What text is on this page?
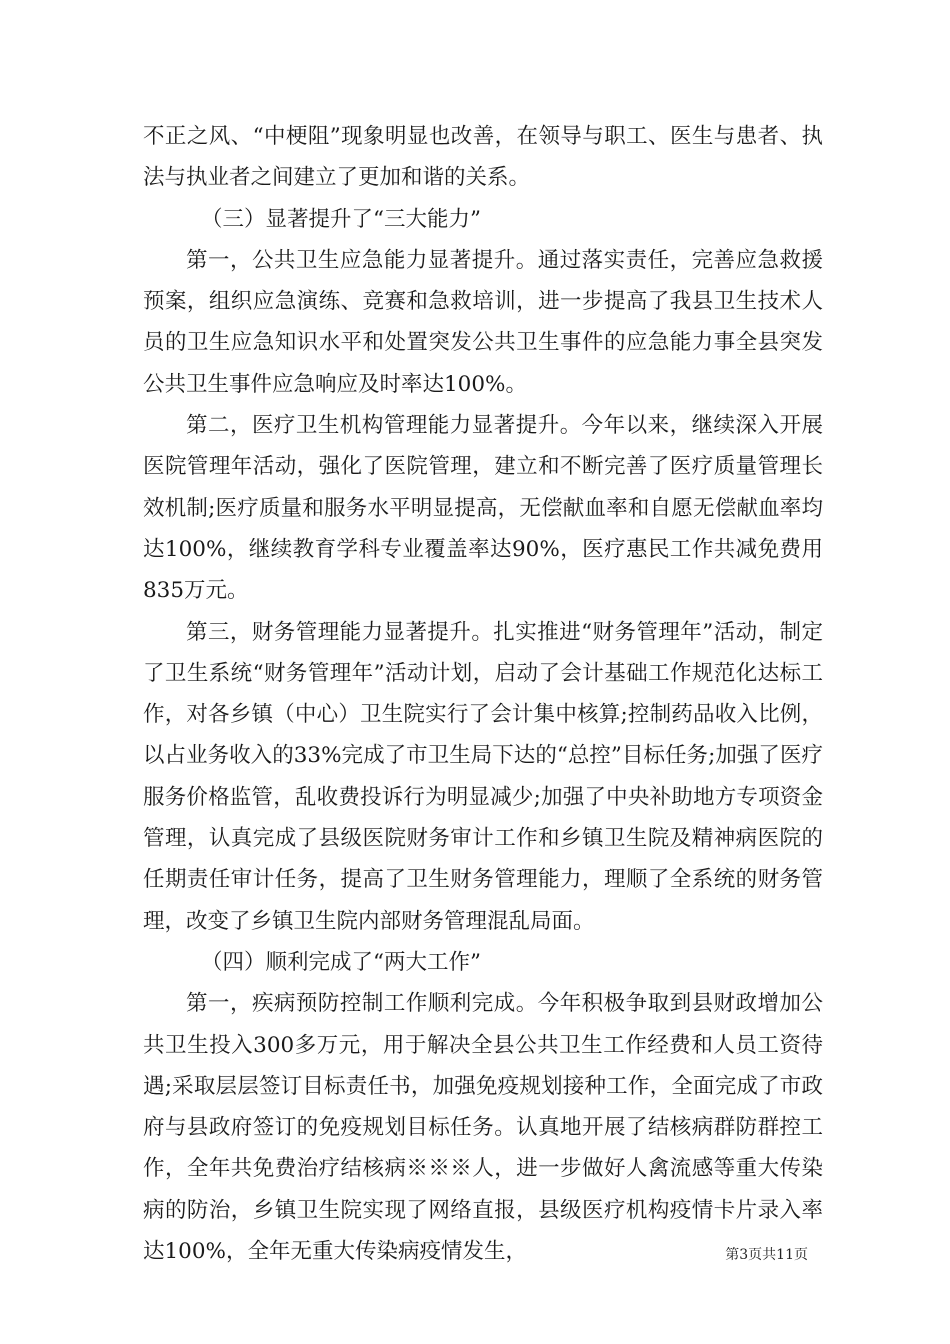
不正之风、“中梗阻”现象明显也改善，在领导与职工、医生与患者、执法与执业者之间建立了更加和谐的关系。

（三）显著提升了“三大能力”

第一，公共卫生应急能力显著提升。通过落实责任，完善应急救援预案，组织应急演练、竞赛和急救培训，进一步提高了我县卫生技术人员的卫生应急知识水平和处置突发公共卫生事件的应急能力事全县突发公共卫生事件应急响应及时率达100%。

第二，医疗卫生机构管理能力显著提升。今年以来，继续深入开展医院管理年活动，强化了医院管理，建立和不断完善了医疗质量管理长效机制;医疗质量和服务水平明显提高，无偿献血率和自愿无偿献血率均达100%，继续教育学科专业覆盖率达90%，医疗惠民工作共减免费用835万元。

第三，财务管理能力显著提升。扎实推进“财务管理年”活动，制定了卫生系统“财务管理年”活动计划，启动了会计基础工作规范化达标工作，对各乡镇（中心）卫生院实行了会计集中核算;控制药品收入比例，以占业务收入的33%完成了市卫生局下达的“总控”目标任务;加强了医疗服务价格监管，乱收费投诉行为明显减少;加强了中央补助地方专项资金管理，认真完成了县级医院财务审计工作和乡镇卫生院及精神病医院的任期责任审计任务，提高了卫生财务管理能力，理顺了全系统的财务管理，改变了乡镇卫生院内部财务管理混乱局面。

（四）顺利完成了“两大工作”

第一，疾病预防控制工作顺利完成。今年积极争取到县财政增加公共卫生投入300多万元，用于解决全县公共卫生工作经费和人员工资待遇;采取层层签订目标责任书，加强免疫规划接种工作，全面完成了市政府与县政府签订的免疫规划目标任务。认真地开展了结核病群防群控工作，全年共免费治疗结核病※※※人，进一步做好人禽流感等重大传染病的防治，乡镇卫生院实现了网络直报，县级医疗机构疫情卡片录入率达100%，全年无重大传染病疫情发生，	第3页共11页
